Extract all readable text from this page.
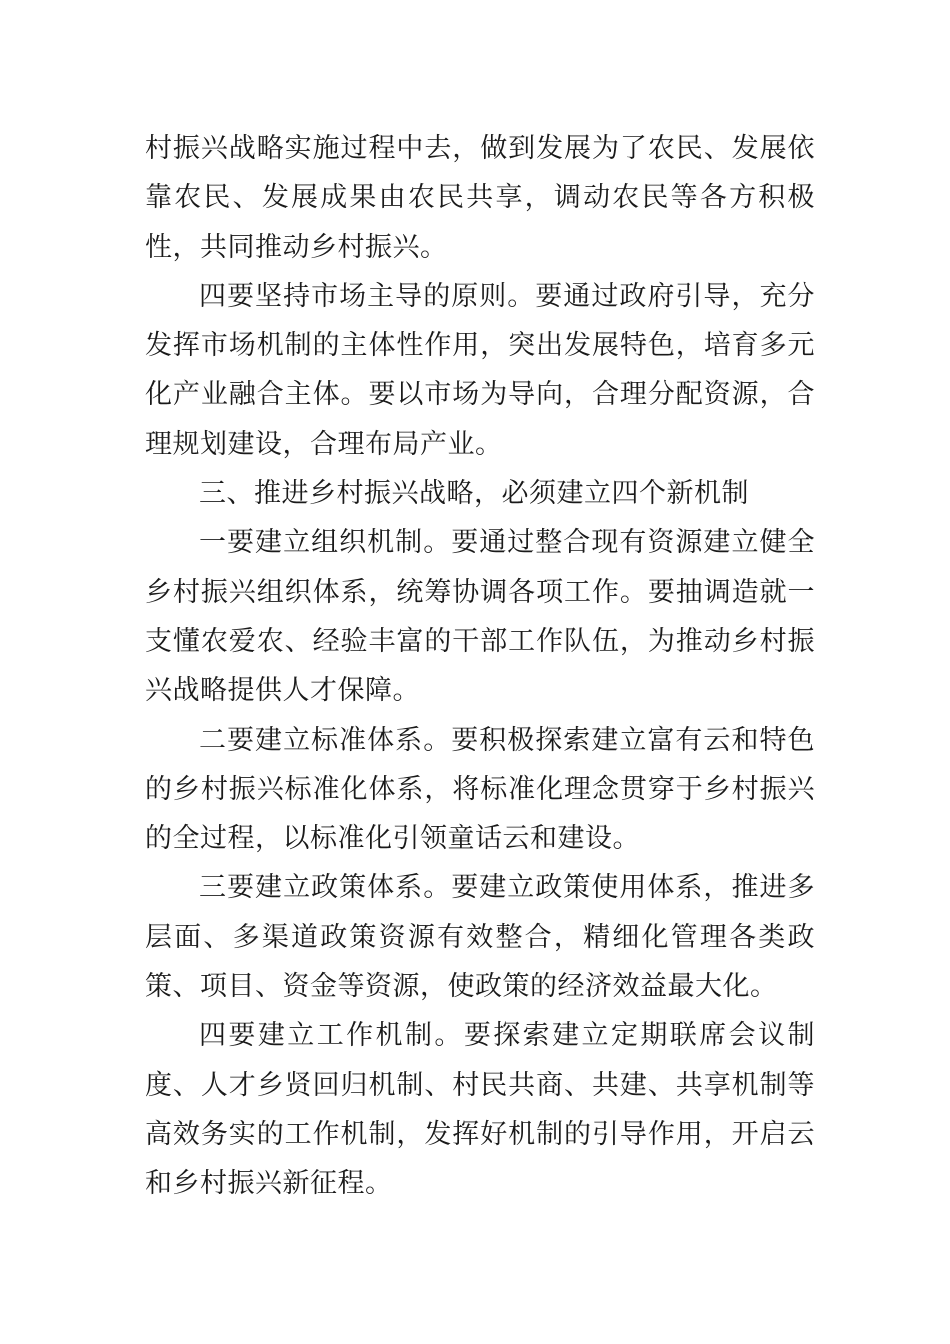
村振兴战略实施过程中去，做到发展为了农民、发展依靠农民、发展成果由农民共享，调动农民等各方积极性，共同推动乡村振兴。

四要坚持市场主导的原则。要通过政府引导，充分发挥市场机制的主体性作用，突出发展特色，培育多元化产业融合主体。要以市场为导向，合理分配资源，合理规划建设，合理布局产业。

三、推进乡村振兴战略，必须建立四个新机制

一要建立组织机制。要通过整合现有资源建立健全乡村振兴组织体系，统筹协调各项工作。要抽调造就一支懂农爱农、经验丰富的干部工作队伍，为推动乡村振兴战略提供人才保障。

二要建立标准体系。要积极探索建立富有云和特色的乡村振兴标准化体系，将标准化理念贯穿于乡村振兴的全过程，以标准化引领童话云和建设。

三要建立政策体系。要建立政策使用体系，推进多层面、多渠道政策资源有效整合，精细化管理各类政策、项目、资金等资源，使政策的经济效益最大化。

四要建立工作机制。要探索建立定期联席会议制度、人才乡贤回归机制、村民共商、共建、共享机制等高效务实的工作机制，发挥好机制的引导作用，开启云和乡村振兴新征程。
